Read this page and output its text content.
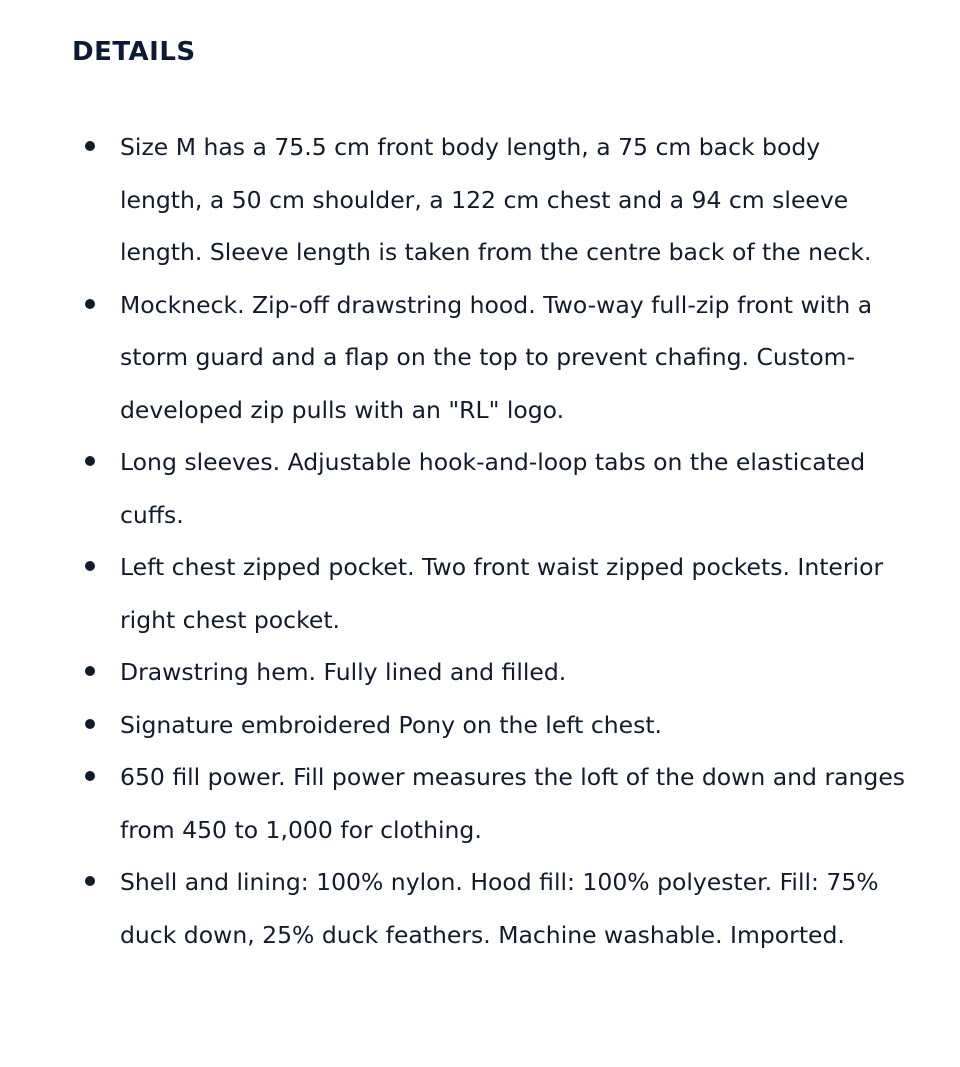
DETAILS
Size M has a 75.5 cm front body length, a 75 cm back body length, a 50 cm shoulder, a 122 cm chest and a 94 cm sleeve length. Sleeve length is taken from the centre back of the neck.
Mockneck. Zip-off drawstring hood. Two-way full-zip front with a storm guard and a flap on the top to prevent chafing. Custom-developed zip pulls with an "RL" logo.
Long sleeves. Adjustable hook-and-loop tabs on the elasticated cuffs.
Left chest zipped pocket. Two front waist zipped pockets. Interior right chest pocket.
Drawstring hem. Fully lined and filled.
Signature embroidered Pony on the left chest.
650 fill power. Fill power measures the loft of the down and ranges from 450 to 1,000 for clothing.
Shell and lining: 100% nylon. Hood fill: 100% polyester. Fill: 75% duck down, 25% duck feathers. Machine washable. Imported.
